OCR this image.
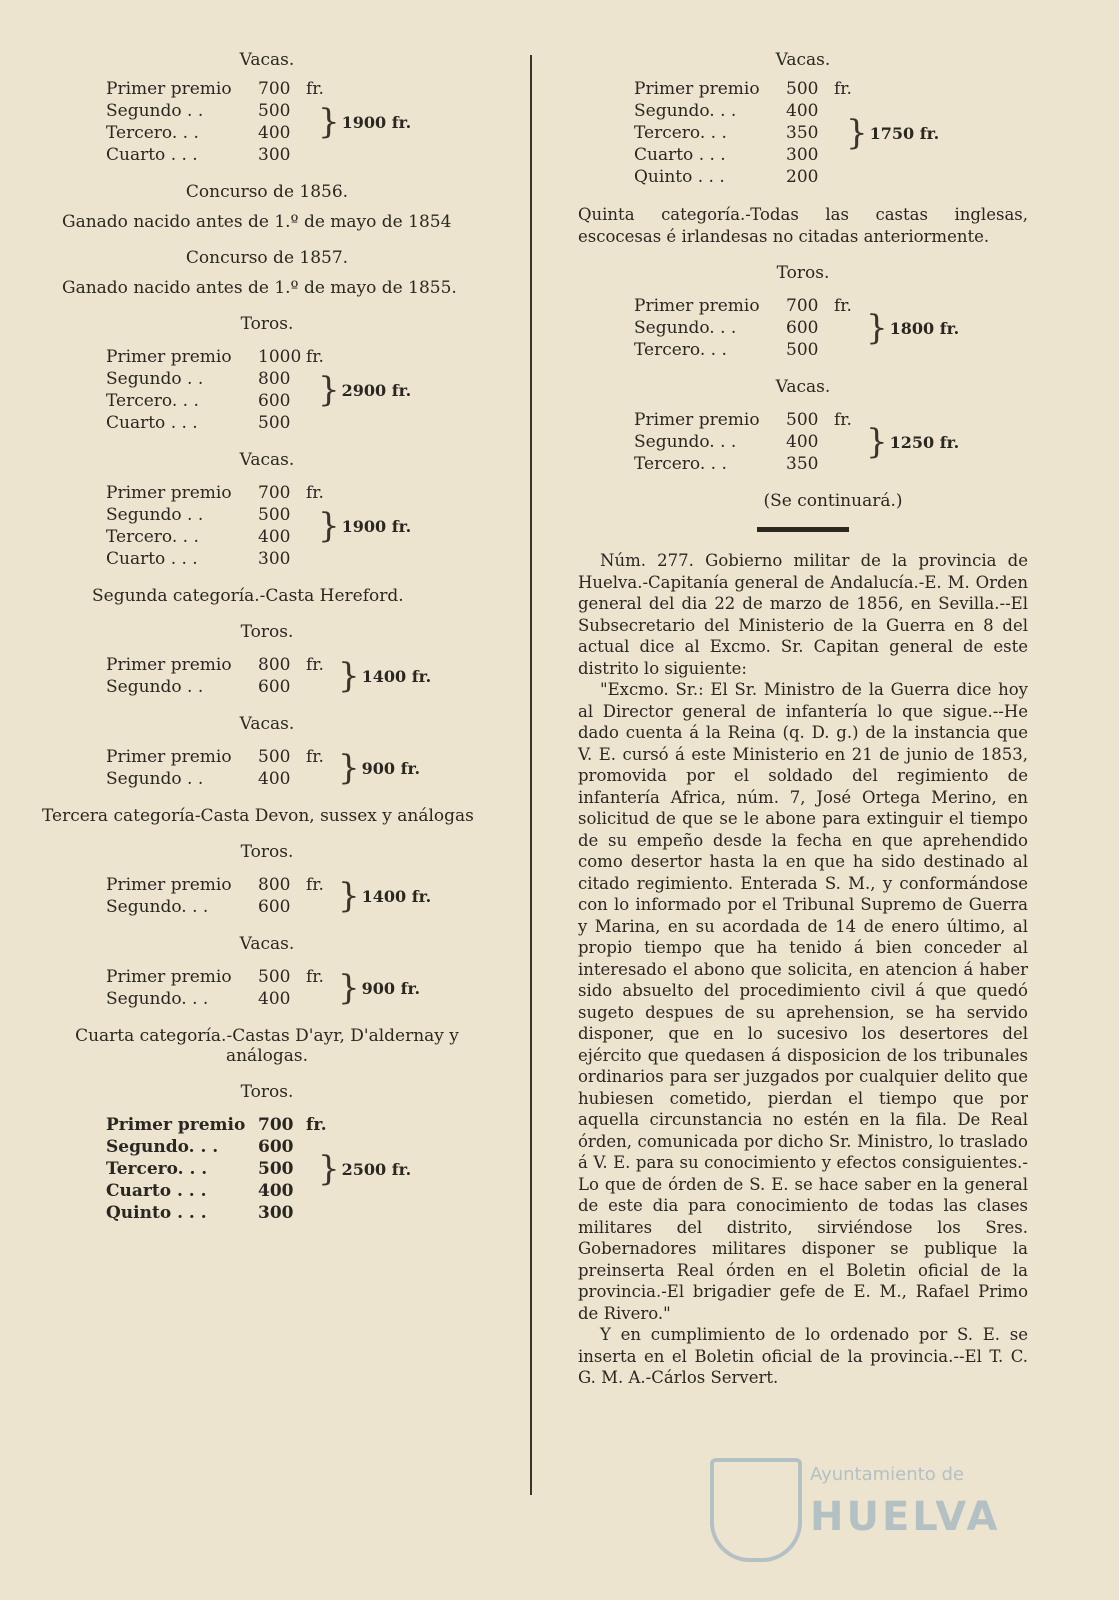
Vacas.
Primer premio	700 fr.
Segundo . .	500
Tercero. . .	400
Cuarto . . .	300
} 1900 fr.
Concurso de 1856.
Ganado nacido antes de 1.º de mayo de 1854
Concurso de 1857.
Ganado nacido antes de 1.º de mayo de 1855.
Toros.
Primer premio	1000 fr.
Segundo . .	800
Tercero. . .	600
Cuarto . . .	500
} 2900 fr.
Vacas.
Primer premio	700 fr.
Segundo . .	500
Tercero. . .	400
Cuarto . . .	300
} 1900 fr.
Segunda categoría.-Casta Hereford.
Toros.
Primer premio	800 fr.
Segundo . .	600	} 1400 fr.
Vacas.
Primer premio	500 fr.
Segundo . .	400	} 900 fr.
Tercera categoría-Casta Devon, sussex y análogas
Toros.
Primer premio	800 fr.
Segundo. . .	600	} 1400 fr.
Vacas.
Primer premio	500 fr.
Segundo. . .	400	} 900 fr.
Cuarta categoría.-Castas D'ayr, D'aldernay y análogas.
Toros.
Primer premio 700 fr.
Segundo. . .	600
Tercero. . .	500
Cuarto . . .	400
Quinto . . .	300
} 2500 fr.
Vacas.
Primer premio	500 fr.
Segundo. . .	400
Tercero. . .	350
Cuarto . . .	300
Quinto . . .	200
} 1750 fr.
Quinta categoría.-Todas las castas inglesas, escocesas é irlandesas no citadas anteriormente.
Toros.
Primer premio	700 fr.
Segundo. . .	600
Tercero. . .	500
} 1800 fr.
Vacas.
Primer premio	500 fr.
Segundo. . .	400
Tercero. . .	350
} 1250 fr.
(Se continuará.)

Núm. 277. Gobierno militar de la provincia de Huelva.-Capitanía general de Andalucía.-E. M. Orden general del dia 22 de marzo de 1856, en Sevilla.--El Subsecretario del Ministerio de la Guerra en 8 del actual dice al Excmo. Sr. Capitan general de este distrito lo siguiente:

"Excmo. Sr.: El Sr. Ministro de la Guerra dice hoy al Director general de infantería lo que sigue.--He dado cuenta á la Reina (q. D. g.) de la instancia que V. E. cursó á este Ministerio en 21 de junio de 1853, promovida por el soldado del regimiento de infantería Africa, núm. 7, José Ortega Merino, en solicitud de que se le abone para extinguir el tiempo de su empeño desde la fecha en que aprehendido como desertor hasta la en que ha sido destinado al citado regimiento. Enterada S. M., y conformándose con lo informado por el Tribunal Supremo de Guerra y Marina, en su acordada de 14 de enero último, al propio tiempo que ha tenido á bien conceder al interesado el abono que solicita, en atencion á haber sido absuelto del procedimiento civil á que quedó sugeto despues de su aprehension, se ha servido disponer, que en lo sucesivo los desertores del ejército que quedasen á disposicion de los tribunales ordinarios para ser juzgados por cualquier delito que hubiesen cometido, pierdan el tiempo que por aquella circunstancia no estén en la fila. De Real órden, comunicada por dicho Sr. Ministro, lo traslado á V. E. para su conocimiento y efectos consiguientes.-Lo que de órden de S. E. se hace saber en la general de este dia para conocimiento de todas las clases militares del distrito, sirviéndose los Sres. Gobernadores militares disponer se publique la preinserta Real órden en el Boletin oficial de la provincia.-El brigadier gefe de E. M., Rafael Primo de Rivero."

Y en cumplimiento de lo ordenado por S. E. se inserta en el Boletin oficial de la provincia.--El T. C. G. M. A.-Cárlos Servert.

Ayuntamiento de
HUELVA
